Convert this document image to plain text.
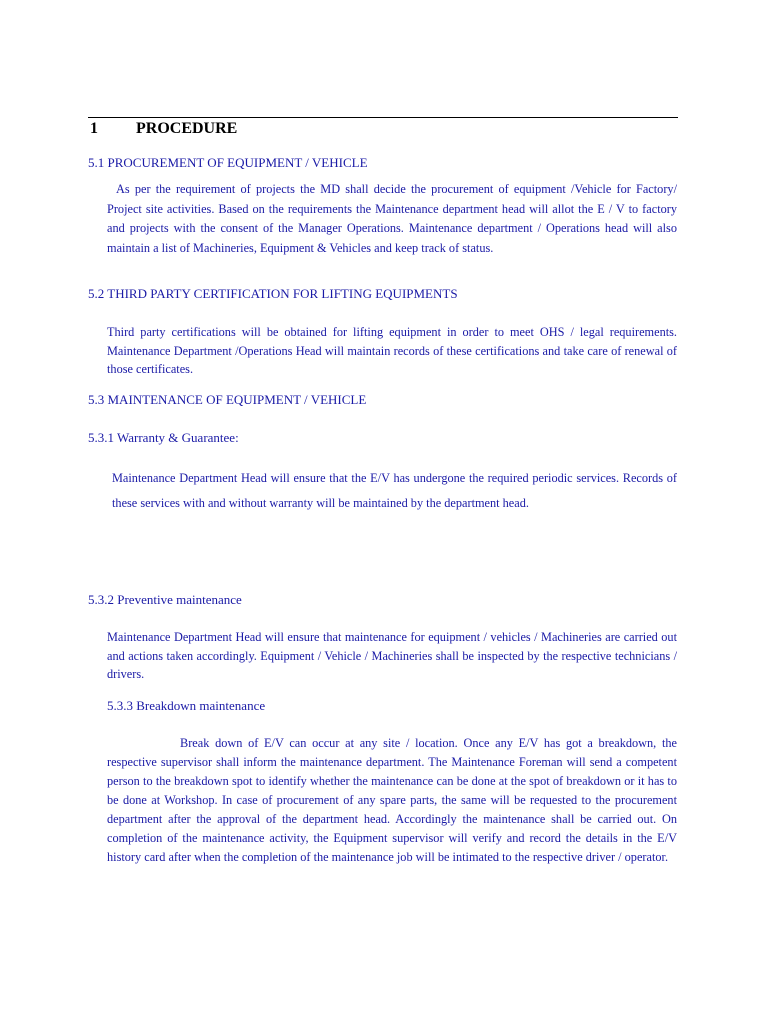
1 PROCEDURE
5.1 PROCUREMENT OF EQUIPMENT / VEHICLE

As per the requirement of projects the MD shall decide the procurement of equipment /Vehicle for Factory/ Project site activities. Based on the requirements the Maintenance department head will allot the E / V to factory and projects with the consent of the Manager Operations. Maintenance department / Operations head will also maintain a list of Machineries, Equipment & Vehicles and keep track of status.

5.2 THIRD PARTY CERTIFICATION FOR LIFTING EQUIPMENTS

Third party certifications will be obtained for lifting equipment in order to meet OHS / legal requirements. Maintenance Department /Operations Head will maintain records of these certifications and take care of renewal of those certificates.

5.3 MAINTENANCE OF EQUIPMENT / VEHICLE
5.3.1 Warranty & Guarantee:

Maintenance Department Head will ensure that the E/V has undergone the required periodic services. Records of these services with and without warranty will be maintained by the department head.

5.3.2 Preventive maintenance

Maintenance Department Head will ensure that maintenance for equipment / vehicles / Machineries are carried out and actions taken accordingly. Equipment / Vehicle / Machineries shall be inspected by the respective technicians / drivers.

5.3.3 Breakdown maintenance

Break down of E/V can occur at any site / location. Once any E/V has got a breakdown, the respective supervisor shall inform the maintenance department. The Maintenance Foreman will send a competent person to the breakdown spot to identify whether the maintenance can be done at the spot of breakdown or it has to be done at Workshop. In case of procurement of any spare parts, the same will be requested to the procurement department after the approval of the department head. Accordingly the maintenance shall be carried out. On completion of the maintenance activity, the Equipment supervisor will verify and record the details in the E/V history card after when the completion of the maintenance job will be intimated to the respective driver / operator.
